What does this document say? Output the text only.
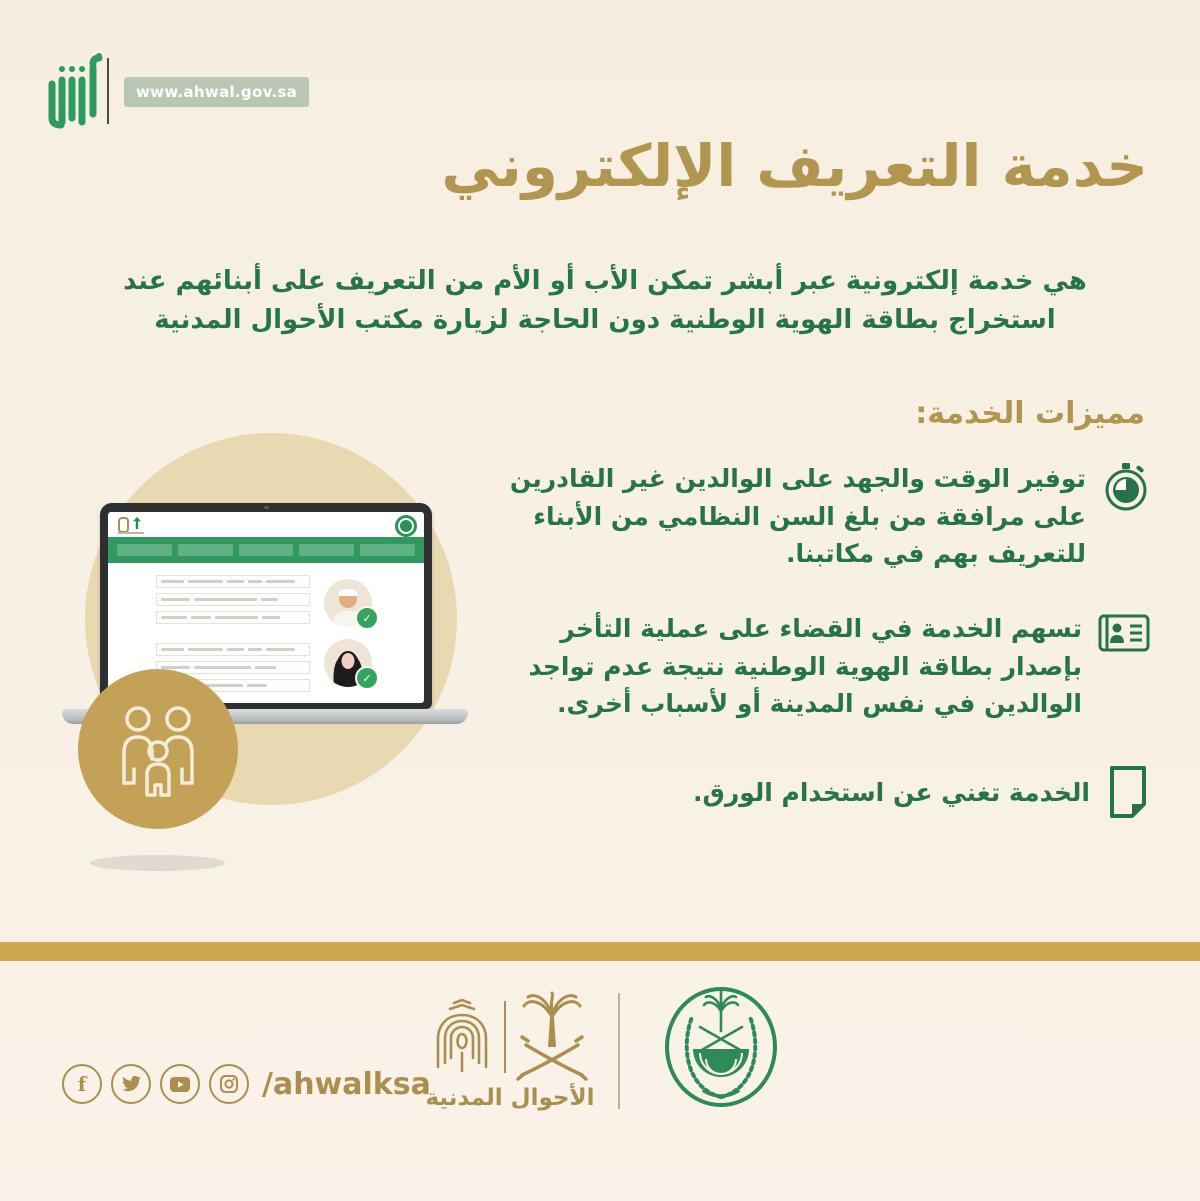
www.ahwal.gov.sa
خدمة التعريف الإلكتروني
هي خدمة إلكترونية عبر أبشر تمكن الأب أو الأم من التعريف على أبنائهم عند استخراج بطاقة الهوية الوطنية دون الحاجة لزيارة مكتب الأحوال المدنية
مميزات الخدمة:
توفير الوقت والجهد على الوالدين غير القادرين على مرافقة من بلغ السن النظامي من الأبناء للتعريف بهم في مكاتبنا.
تسهم الخدمة في القضاء على عملية التأخر بإصدار بطاقة الهوية الوطنية نتيجة عدم تواجد الوالدين في نفس المدينة أو لأسباب أخرى.
الخدمة تغني عن استخدام الورق.
✓
✓
f	/ahwalksa
الأحوال المدنية
